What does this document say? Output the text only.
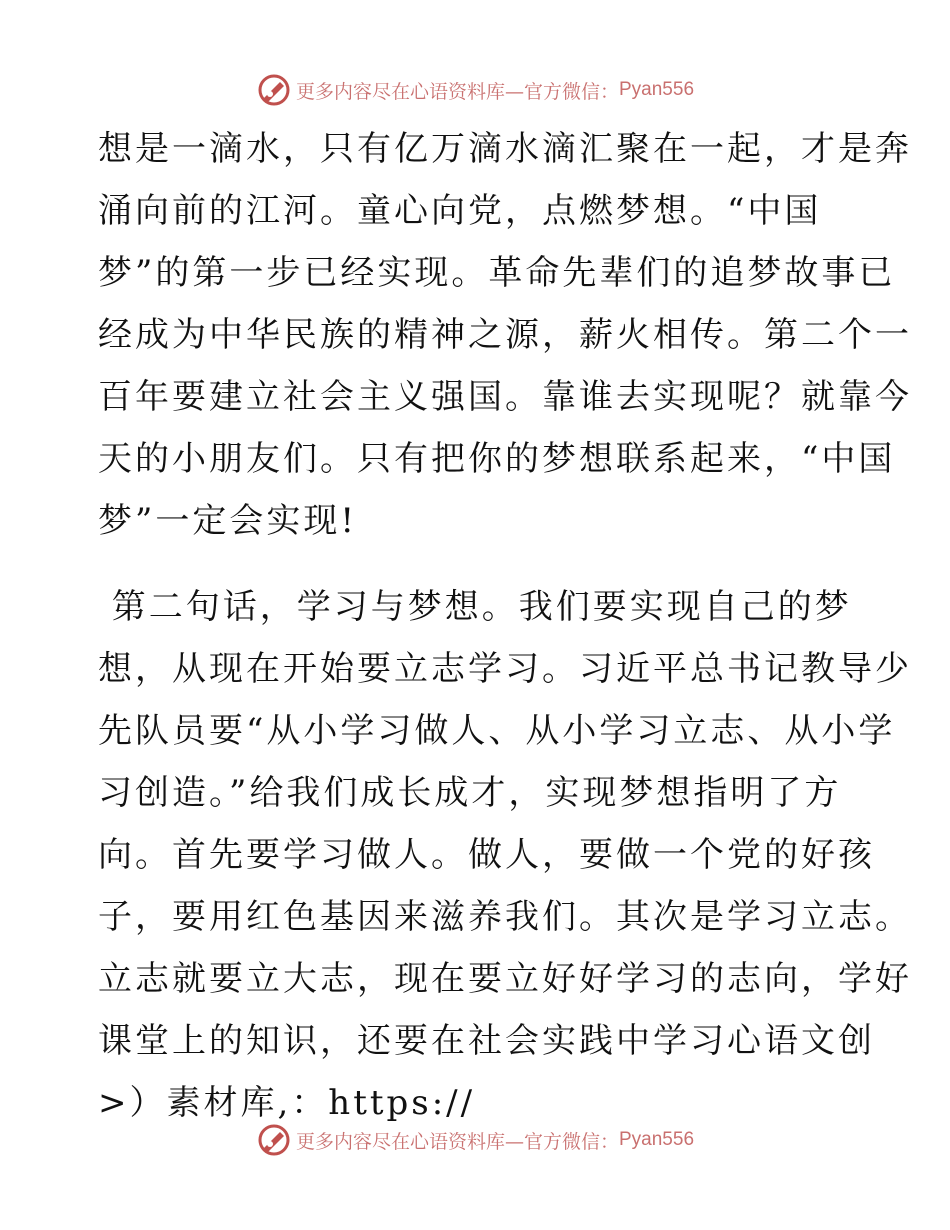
更多内容尽在心语资料库—官方微信： Pyan556
想是一滴水，只有亿万滴水滴汇聚在一起，才是奔
涌向前的江河。童心向党，点燃梦想。“中国
梦”的第一步已经实现。革命先辈们的追梦故事已
经成为中华民族的精神之源，薪火相传。第二个一
百年要建立社会主义强国。靠谁去实现呢？就靠今
天的小朋友们。只有把你的梦想联系起来，“中国
梦”一定会实现!
第二句话，学习与梦想。我们要实现自己的梦
想，从现在开始要立志学习。习近平总书记教导少
先队员要“从小学习做人、从小学习立志、从小学
习创造。”给我们成长成才，实现梦想指明了方
向。首先要学习做人。做人，要做一个党的好孩
子，要用红色基因来滋养我们。其次是学习立志。
立志就要立大志，现在要立好好学习的志向，学好
课堂上的知识，还要在社会实践中学习心语文创
>）素材库,：https://
更多内容尽在心语资料库—官方微信： Pyan556
